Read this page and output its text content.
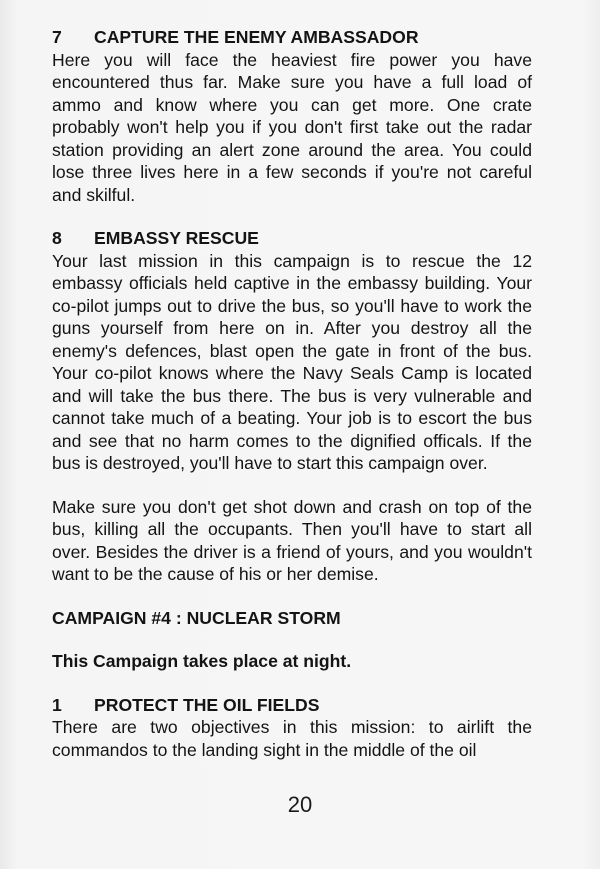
7 CAPTURE THE ENEMY AMBASSADOR

Here you will face the heaviest fire power you have encountered thus far. Make sure you have a full load of ammo and know where you can get more. One crate probably won't help you if you don't first take out the radar station providing an alert zone around the area. You could lose three lives here in a few seconds if you're not careful and skilful.

8 EMBASSY RESCUE

Your last mission in this campaign is to rescue the 12 embassy officials held captive in the embassy building. Your co-pilot jumps out to drive the bus, so you'll have to work the guns yourself from here on in. After you destroy all the enemy's defences, blast open the gate in front of the bus. Your co-pilot knows where the Navy Seals Camp is located and will take the bus there. The bus is very vulnerable and cannot take much of a beating. Your job is to escort the bus and see that no harm comes to the dignified officals. If the bus is destroyed, you'll have to start this campaign over.

Make sure you don't get shot down and crash on top of the bus, killing all the occupants. Then you'll have to start all over. Besides the driver is a friend of yours, and you wouldn't want to be the cause of his or her demise.

CAMPAIGN #4 : NUCLEAR STORM

This Campaign takes place at night.

1 PROTECT THE OIL FIELDS

There are two objectives in this mission: to airlift the commandos to the landing sight in the middle of the oil

20
